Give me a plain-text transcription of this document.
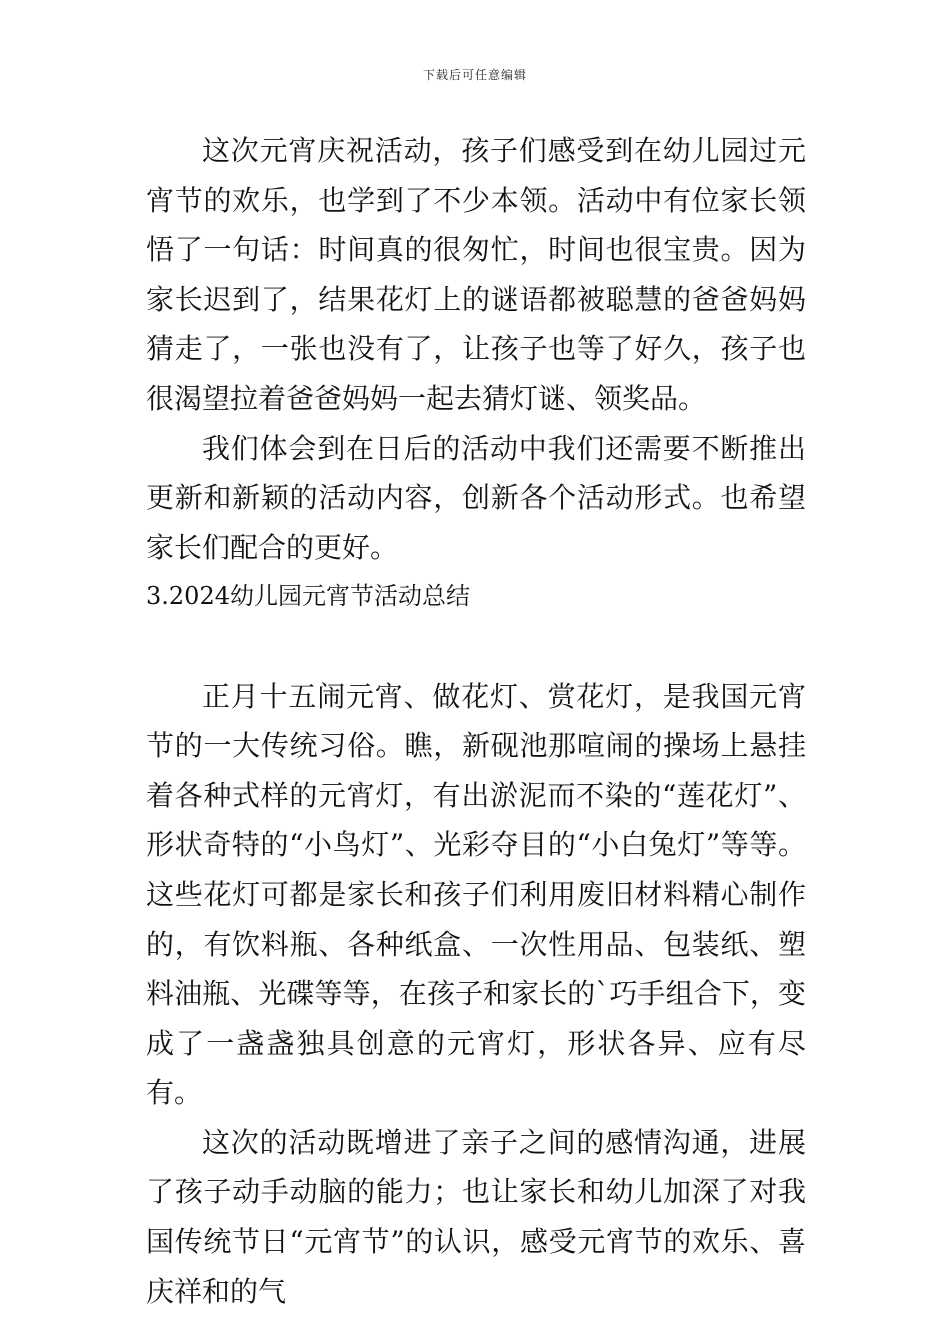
下载后可任意编辑

这次元宵庆祝活动，孩子们感受到在幼儿园过元宵节的欢乐，也学到了不少本领。活动中有位家长领悟了一句话：时间真的很匆忙，时间也很宝贵。因为家长迟到了，结果花灯上的谜语都被聪慧的爸爸妈妈猜走了，一张也没有了，让孩子也等了好久，孩子也很渴望拉着爸爸妈妈一起去猜灯谜、领奖品。

我们体会到在日后的活动中我们还需要不断推出更新和新颖的活动内容，创新各个活动形式。也希望家长们配合的更好。

3.2024幼儿园元宵节活动总结

正月十五闹元宵、做花灯、赏花灯，是我国元宵节的一大传统习俗。瞧，新砚池那喧闹的操场上悬挂着各种式样的元宵灯，有出淤泥而不染的“莲花灯”、形状奇特的“小鸟灯”、光彩夺目的“小白兔灯”等等。这些花灯可都是家长和孩子们利用废旧材料精心制作的，有饮料瓶、各种纸盒、一次性用品、包装纸、塑料油瓶、光碟等等，在孩子和家长的`巧手组合下，变成了一盏盏独具创意的元宵灯，形状各异、应有尽有。

这次的活动既增进了亲子之间的感情沟通，进展了孩子动手动脑的能力；也让家长和幼儿加深了对我国传统节日“元宵节”的认识，感受元宵节的欢乐、喜庆祥和的气
